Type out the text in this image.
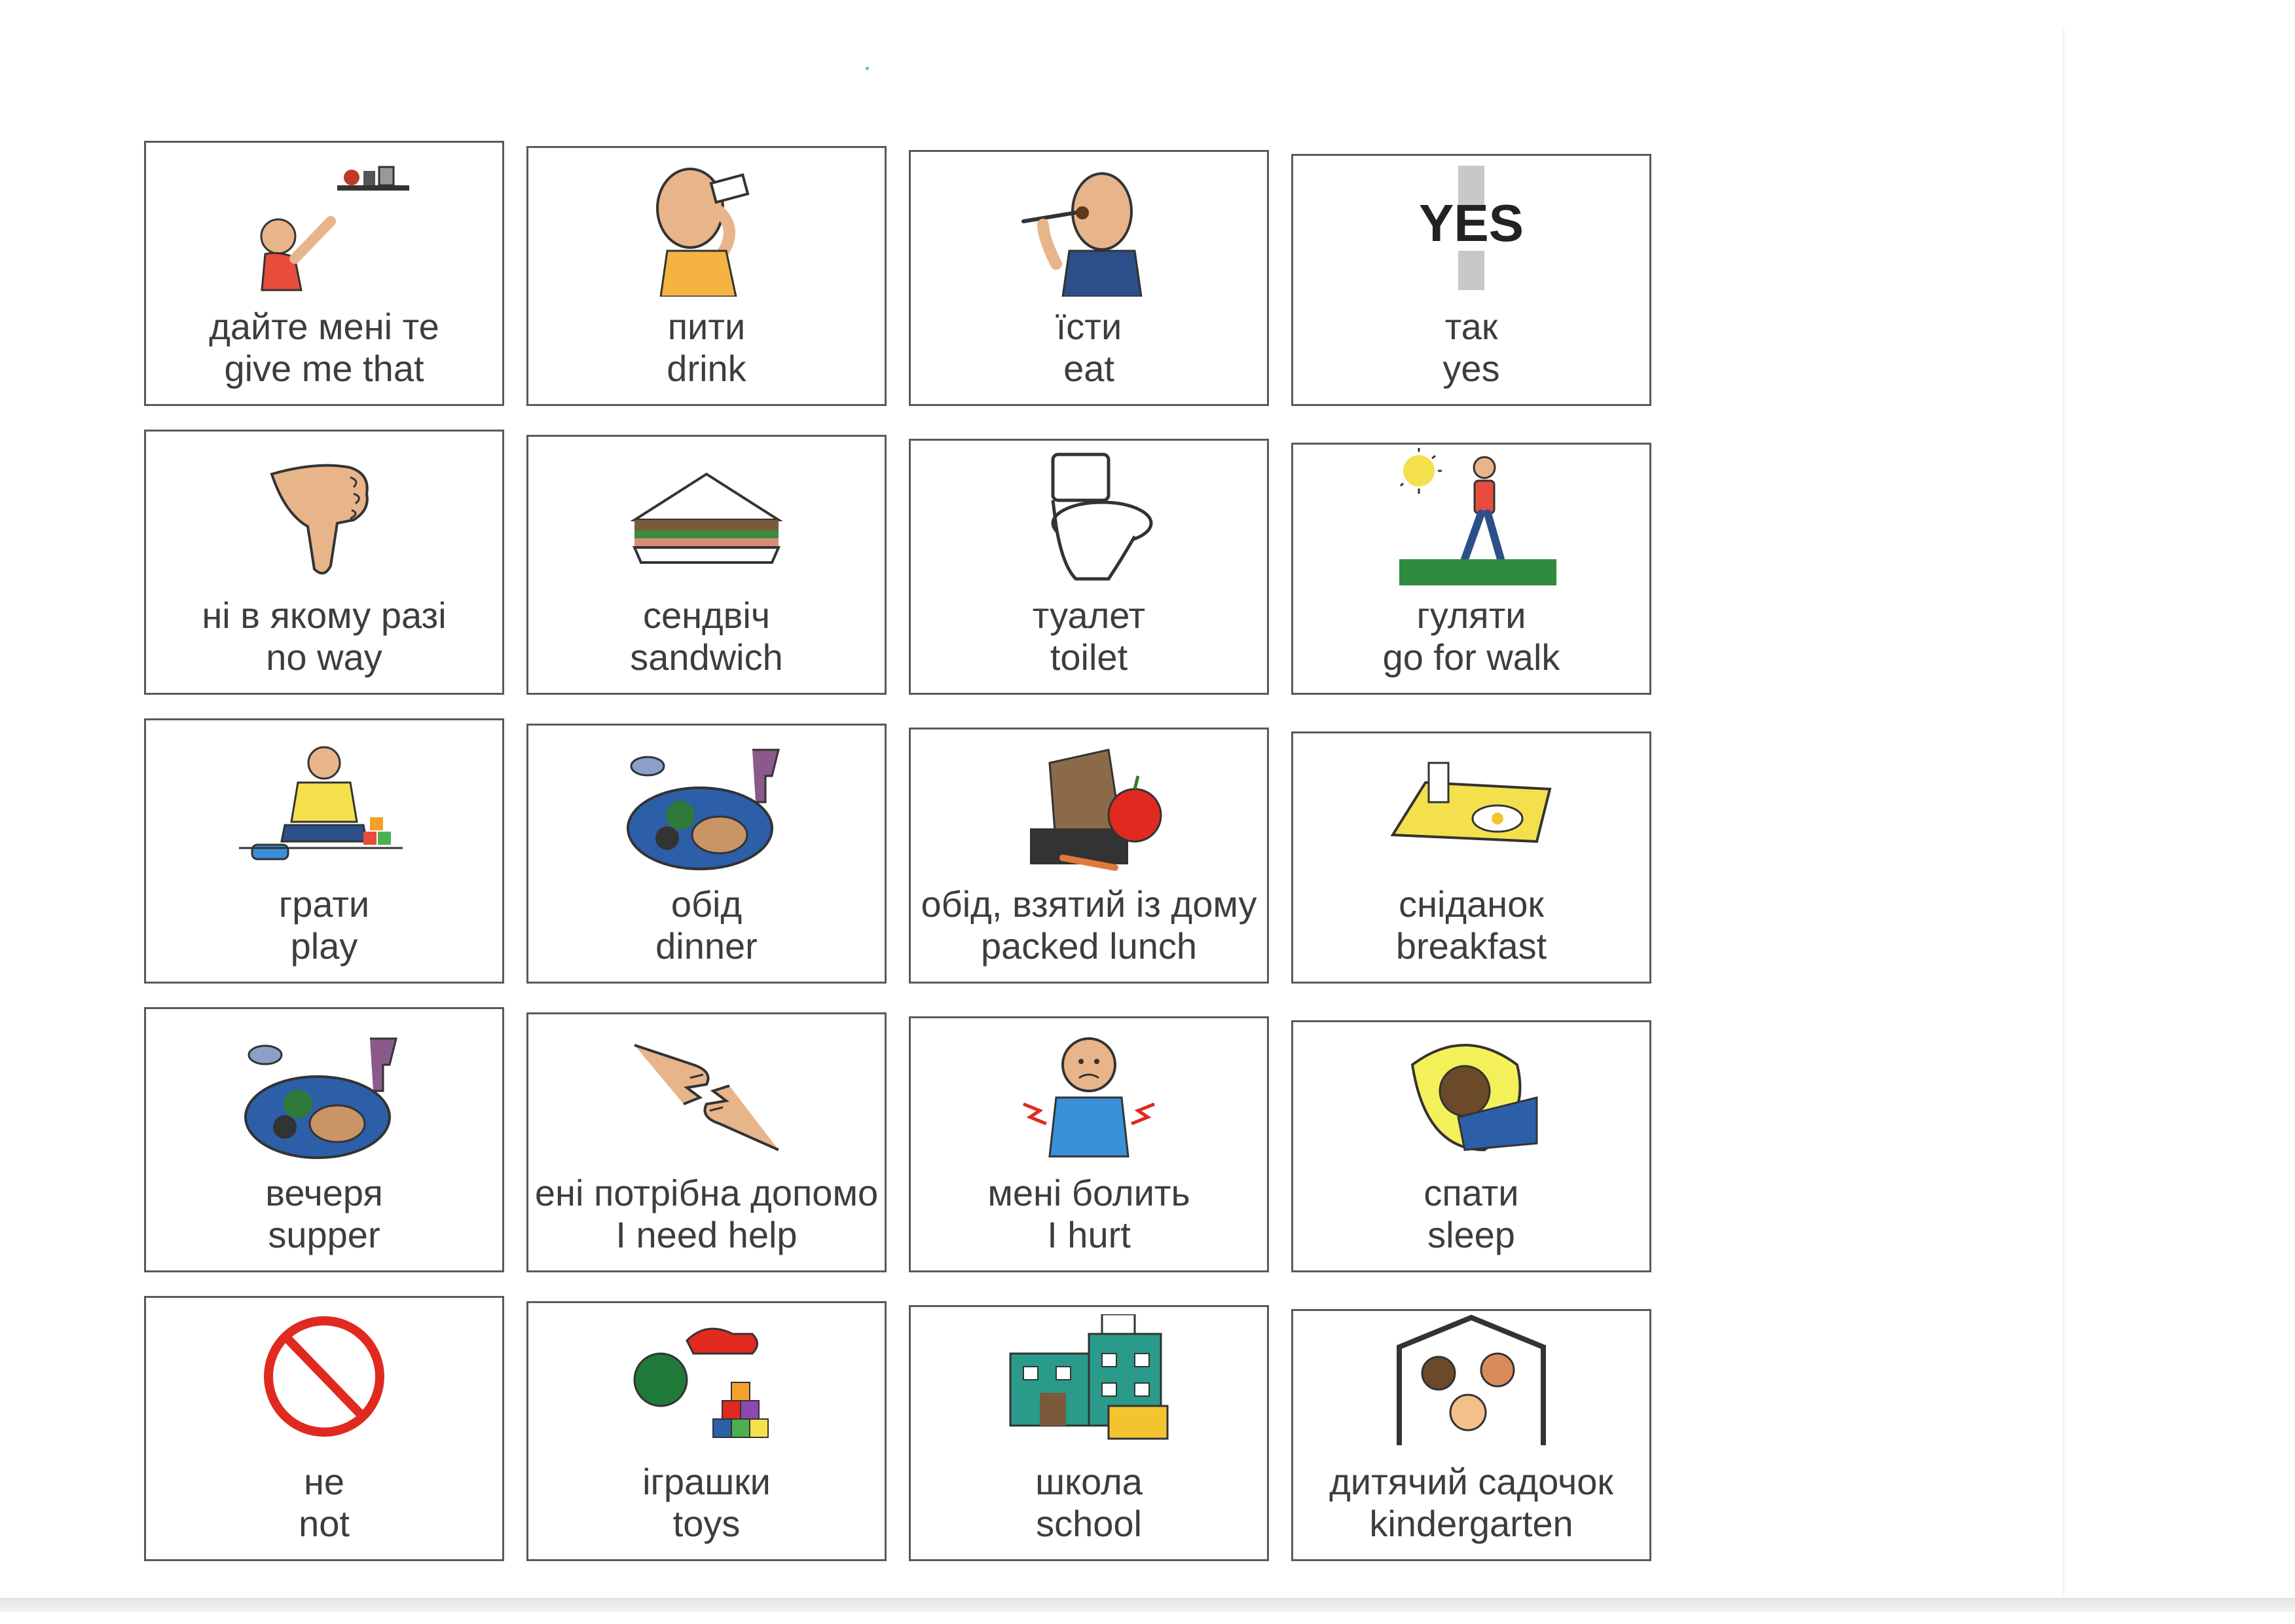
дайте мені те
give me that
пити
drink
їсти
eat
YES
так
yes
ні в якому разі
no way
сендвіч
sandwich
туалет
toilet
гуляти
go for walk
грати
play
обід
dinner
обід, взятий із дому
packed lunch
сніданок
breakfast
вечеря
supper
ені потрібна допомо
I need help
мені болить
I hurt
спати
sleep
не
not
іграшки
toys
школа
school
дитячий садочок
kindergarten
